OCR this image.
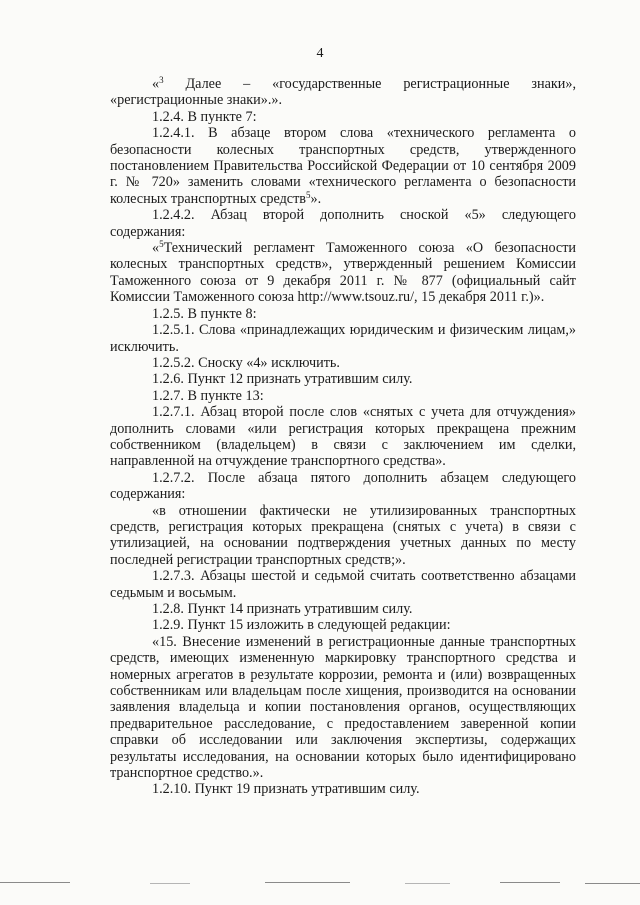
4

«$^3$ Далее – «государственные регистрационные знаки», «регистрационные знаки».».

1.2.4. В пункте 7:

1.2.4.1. В абзаце втором слова «технического регламента о безопасности колесных транспортных средств, утвержденного постановлением Правительства Российской Федерации от 10 сентября 2009 г. № 720» заменить словами «технического регламента о безопасности колесных транспортных средств$^5$».

1.2.4.2. Абзац второй дополнить сноской «5» следующего содержания:

«$^5$Технический регламент Таможенного союза «О безопасности колесных транспортных средств», утвержденный решением Комиссии Таможенного союза от 9 декабря 2011 г. № 877 (официальный сайт Комиссии Таможенного союза http://www.tsouz.ru/, 15 декабря 2011 г.)».

1.2.5. В пункте 8:

1.2.5.1. Слова «принадлежащих юридическим и физическим лицам,» исключить.

1.2.5.2. Сноску «4» исключить.

1.2.6. Пункт 12 признать утратившим силу.

1.2.7. В пункте 13:

1.2.7.1. Абзац второй после слов «снятых с учета для отчуждения» дополнить словами «или регистрация которых прекращена прежним собственником (владельцем) в связи с заключением им сделки, направленной на отчуждение транспортного средства».

1.2.7.2. После абзаца пятого дополнить абзацем следующего содержания:

«в отношении фактически не утилизированных транспортных средств, регистрация которых прекращена (снятых с учета) в связи с утилизацией, на основании подтверждения учетных данных по месту последней регистрации транспортных средств;».

1.2.7.3. Абзацы шестой и седьмой считать соответственно абзацами седьмым и восьмым.

1.2.8. Пункт 14 признать утратившим силу.

1.2.9. Пункт 15 изложить в следующей редакции:

«15. Внесение изменений в регистрационные данные транспортных средств, имеющих измененную маркировку транспортного средства и номерных агрегатов в результате коррозии, ремонта и (или) возвращенных собственникам или владельцам после хищения, производится на основании заявления владельца и копии постановления органов, осуществляющих предварительное расследование, с предоставлением заверенной копии справки об исследовании или заключения экспертизы, содержащих результаты исследования, на основании которых было идентифицировано транспортное средство.».

1.2.10. Пункт 19 признать утратившим силу.
